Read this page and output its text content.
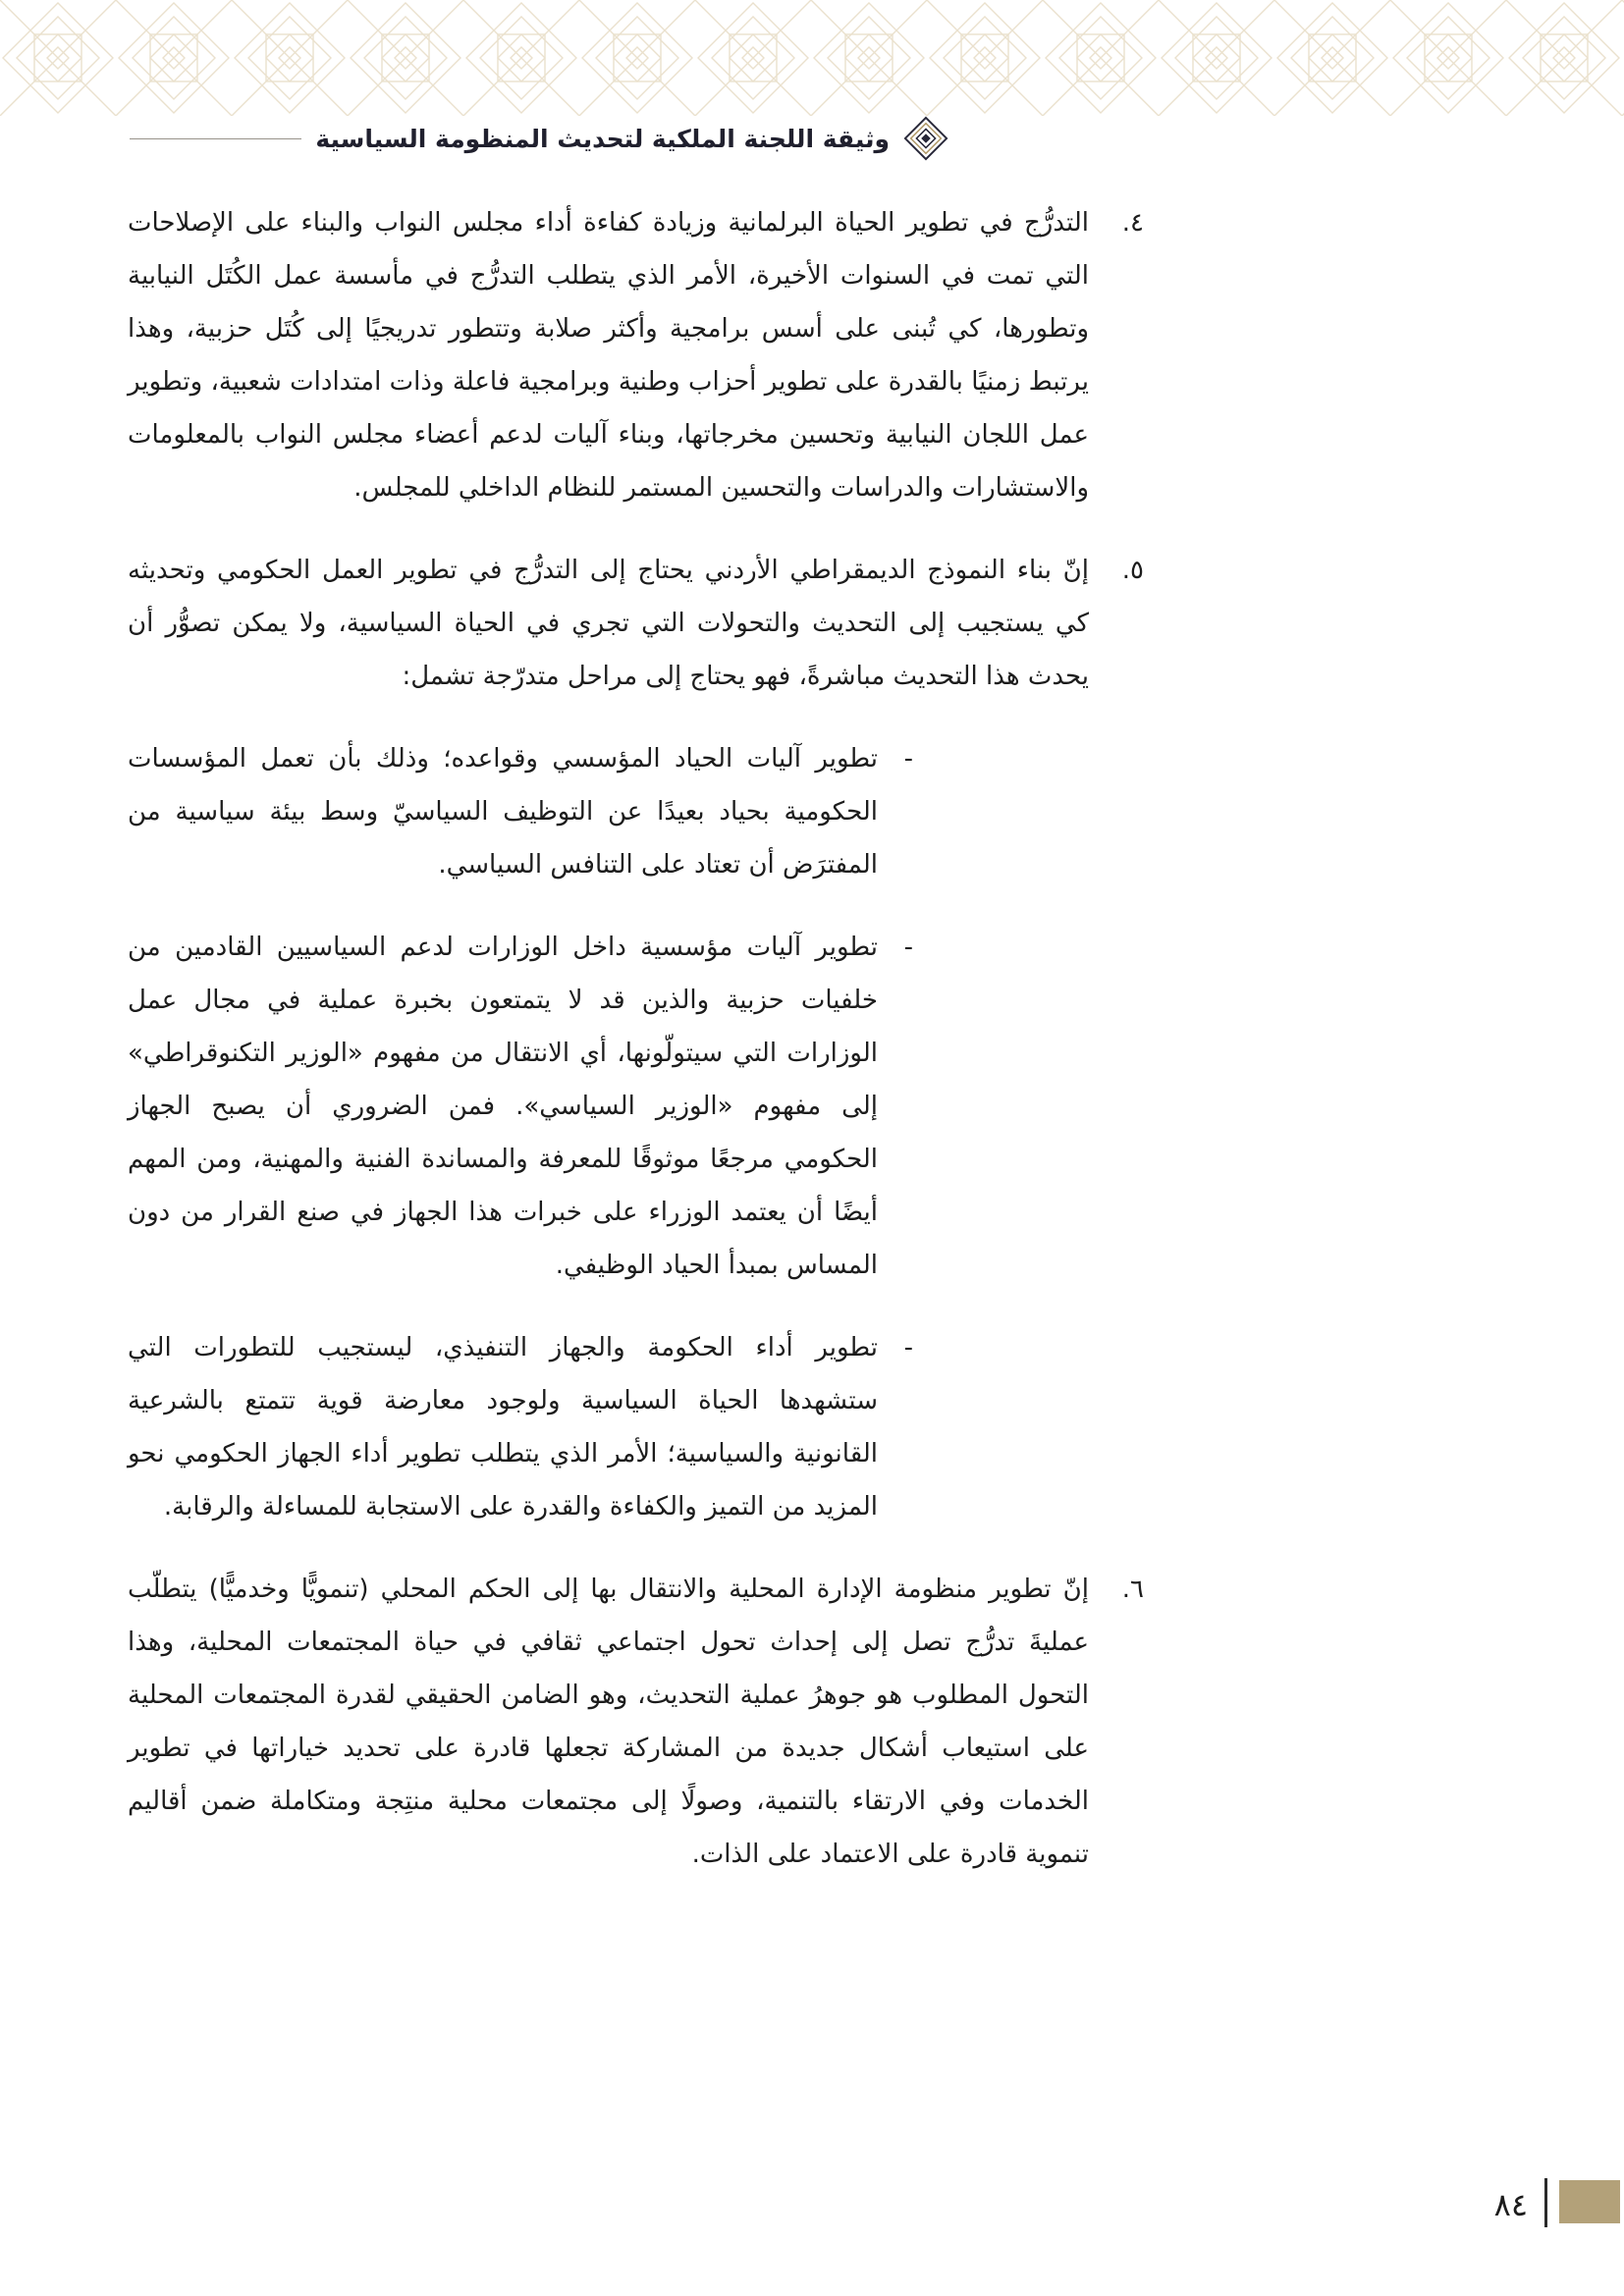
وثيقة اللجنة الملكية لتحديث المنظومة السياسية
٤.

التدرُّج في تطوير الحياة البرلمانية وزيادة كفاءة أداء مجلس النواب والبناء على الإصلاحات التي تمت في السنوات الأخيرة، الأمر الذي يتطلب التدرُّج في مأسسة عمل الكُتَل النيابية وتطورها، كي تُبنى على أسس برامجية وأكثر صلابة وتتطور تدريجيًا إلى كُتَل حزبية، وهذا يرتبط زمنيًا بالقدرة على تطوير أحزاب وطنية وبرامجية فاعلة وذات امتدادات شعبية، وتطوير عمل اللجان النيابية وتحسين مخرجاتها، وبناء آليات لدعم أعضاء مجلس النواب بالمعلومات والاستشارات والدراسات والتحسين المستمر للنظام الداخلي للمجلس.

٥.

إنّ بناء النموذج الديمقراطي الأردني يحتاج إلى التدرُّج في تطوير العمل الحكومي وتحديثه كي يستجيب إلى التحديث والتحولات التي تجري في الحياة السياسية، ولا يمكن تصوُّر أن يحدث هذا التحديث مباشرةً، فهو يحتاج إلى مراحل متدرّجة تشمل:

-

تطوير آليات الحياد المؤسسي وقواعده؛ وذلك بأن تعمل المؤسسات الحكومية بحياد بعيدًا عن التوظيف السياسيّ وسط بيئة سياسية من المفترَض أن تعتاد على التنافس السياسي.

-

تطوير آليات مؤسسية داخل الوزارات لدعم السياسيين القادمين من خلفيات حزبية والذين قد لا يتمتعون بخبرة عملية في مجال عمل الوزارات التي سيتولّونها، أي الانتقال من مفهوم «الوزير التكنوقراطي» إلى مفهوم «الوزير السياسي». فمن الضروري أن يصبح الجهاز الحكومي مرجعًا موثوقًا للمعرفة والمساندة الفنية والمهنية، ومن المهم أيضًا أن يعتمد الوزراء على خبرات هذا الجهاز في صنع القرار من دون المساس بمبدأ الحياد الوظيفي.

-

تطوير أداء الحكومة والجهاز التنفيذي، ليستجيب للتطورات التي ستشهدها الحياة السياسية ولوجود معارضة قوية تتمتع بالشرعية القانونية والسياسية؛ الأمر الذي يتطلب تطوير أداء الجهاز الحكومي نحو المزيد من التميز والكفاءة والقدرة على الاستجابة للمساءلة والرقابة.

٦.

إنّ تطوير منظومة الإدارة المحلية والانتقال بها إلى الحكم المحلي (تنمويًّا وخدميًّا) يتطلّب عمليةَ تدرُّج تصل إلى إحداث تحول اجتماعي ثقافي في حياة المجتمعات المحلية، وهذا التحول المطلوب هو جوهرُ عملية التحديث، وهو الضامن الحقيقي لقدرة المجتمعات المحلية على استيعاب أشكال جديدة من المشاركة تجعلها قادرة على تحديد خياراتها في تطوير الخدمات وفي الارتقاء بالتنمية، وصولًا إلى مجتمعات محلية منتِجة ومتكاملة ضمن أقاليم تنموية قادرة على الاعتماد على الذات.

٨٤
